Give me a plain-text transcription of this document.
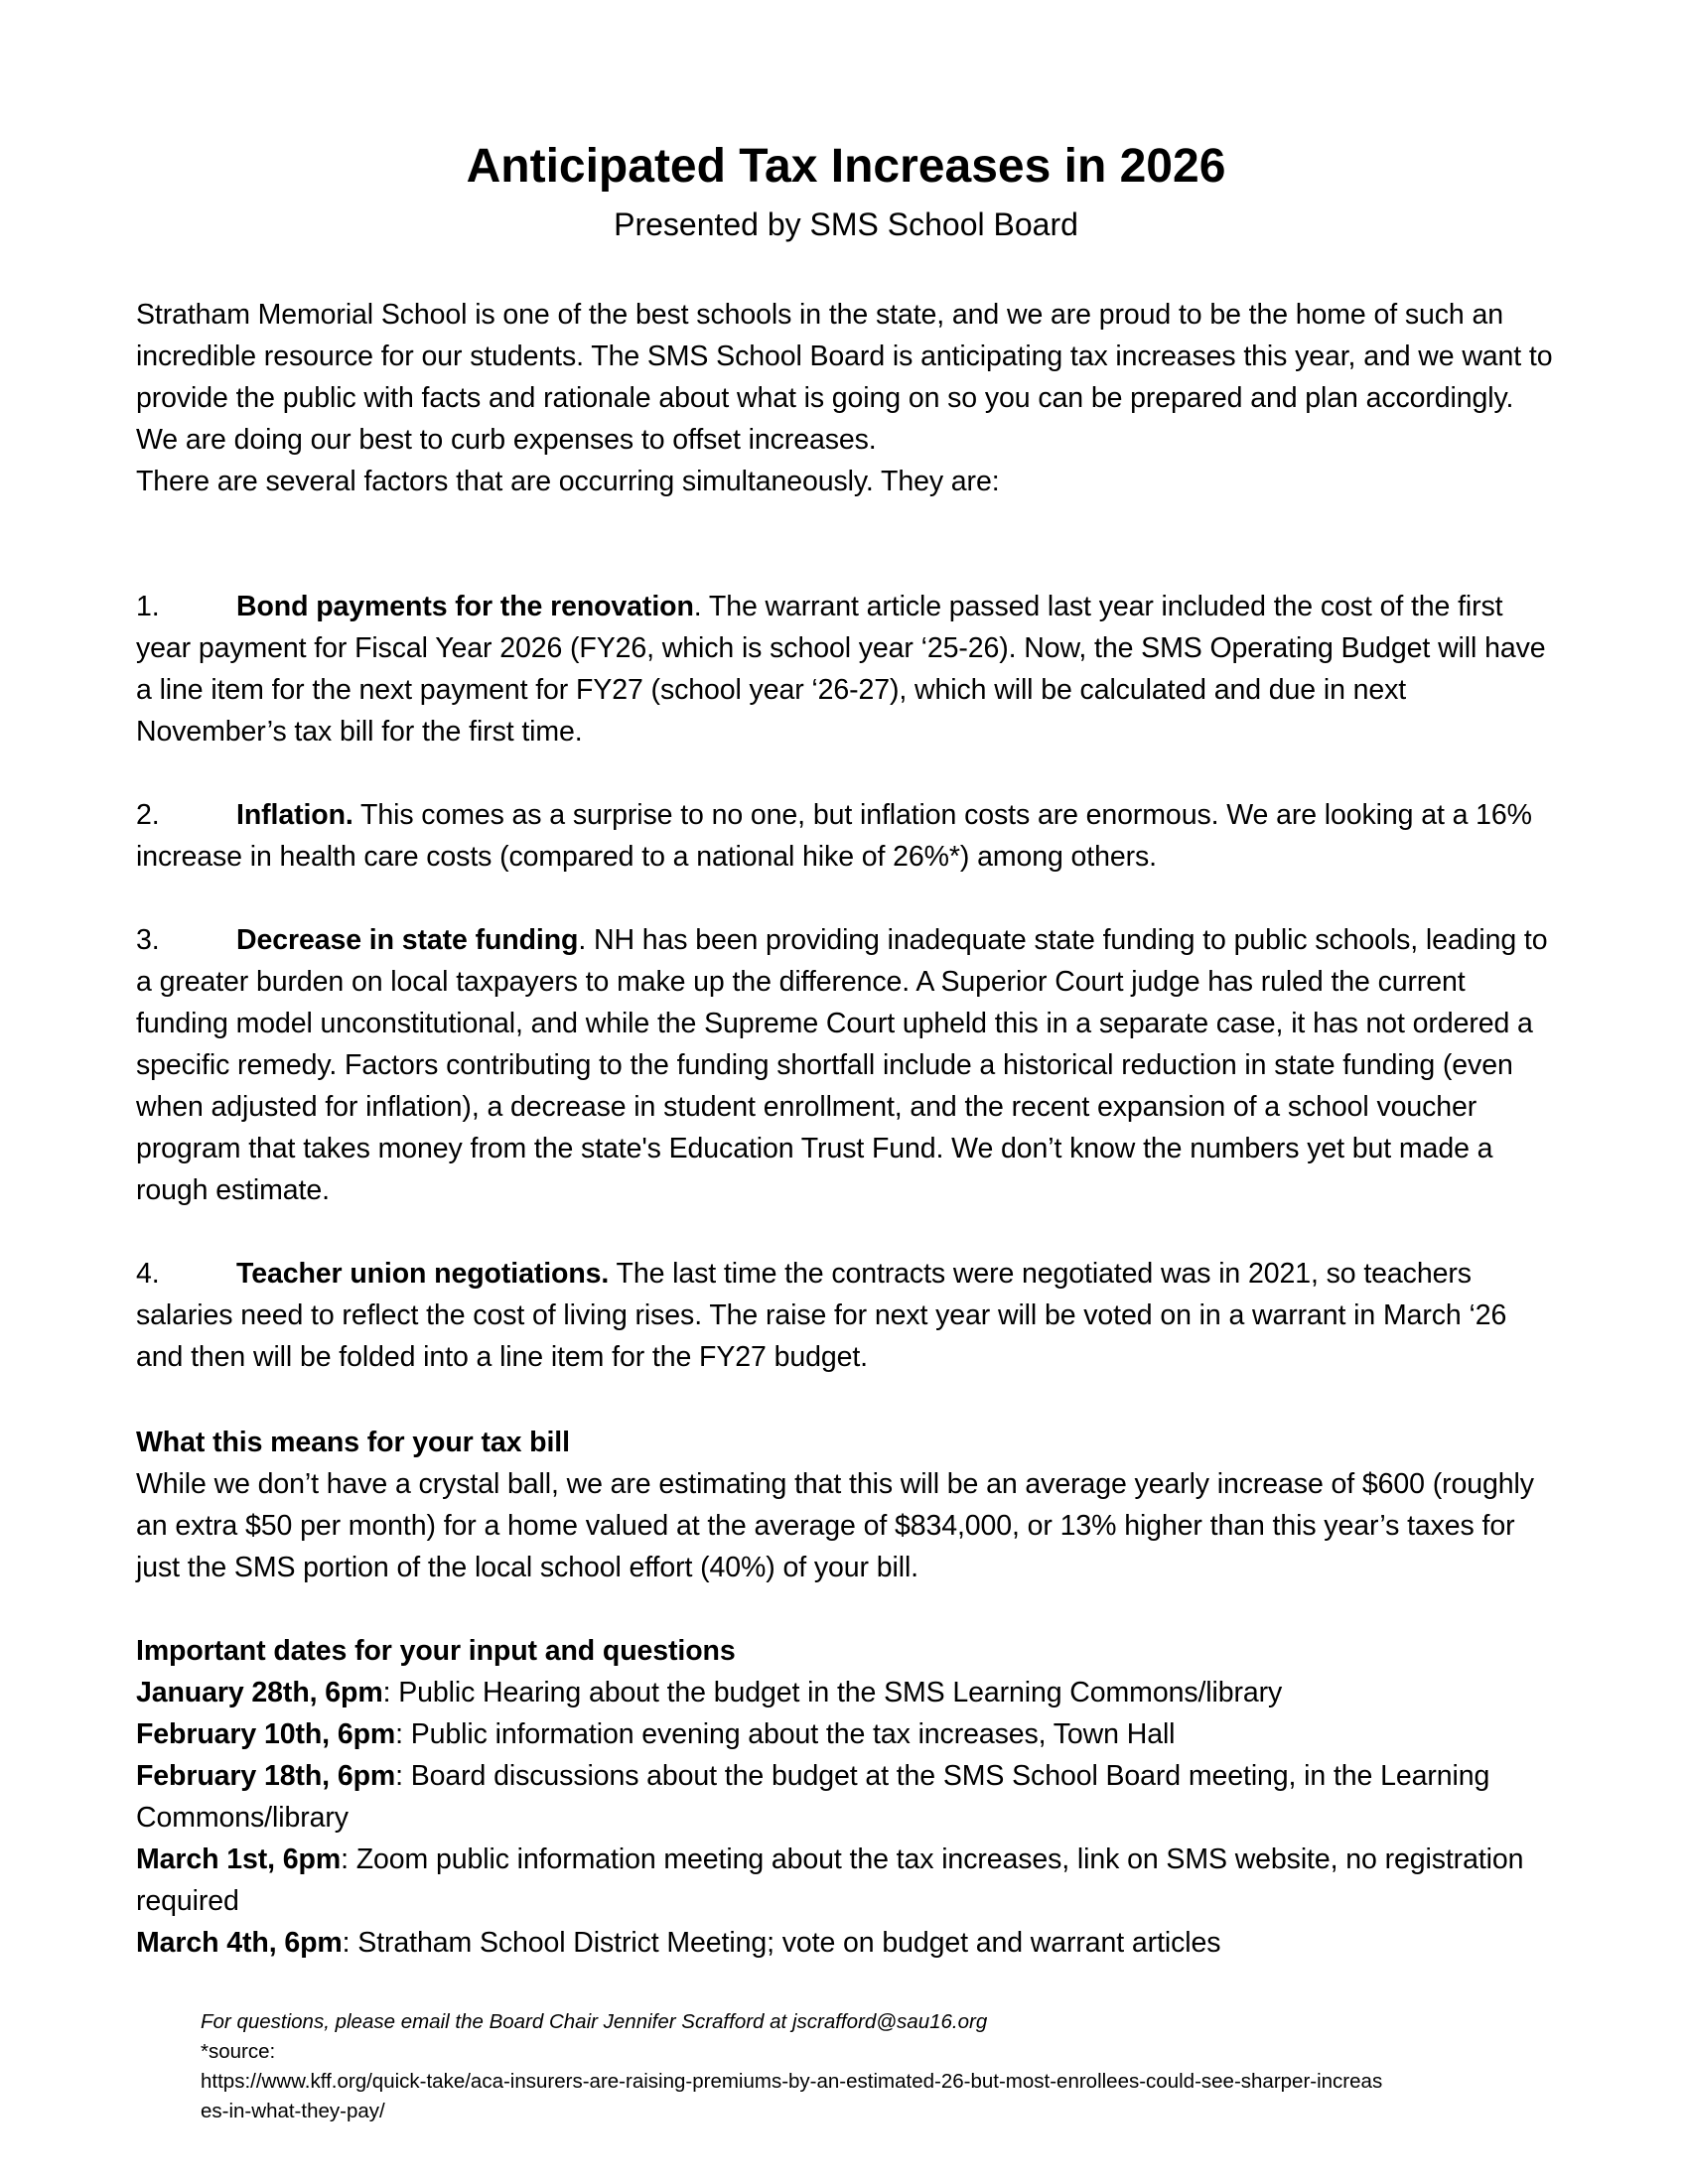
Anticipated Tax Increases in 2026
Presented by SMS School Board

Stratham Memorial School is one of the best schools in the state, and we are proud to be the home of such an incredible resource for our students. The SMS School Board is anticipating tax increases this year, and we want to provide the public with facts and rationale about what is going on so you can be prepared and plan accordingly. We are doing our best to curb expenses to offset increases.

There are several factors that are occurring simultaneously. They are:

1.	Bond payments for the renovation. The warrant article passed last year included the cost of the first year payment for Fiscal Year 2026 (FY26, which is school year ‘25-26). Now, the SMS Operating Budget will have a line item for the next payment for FY27 (school year ‘26-27), which will be calculated and due in next November’s tax bill for the first time.

2.	Inflation. This comes as a surprise to no one, but inflation costs are enormous. We are looking at a 16% increase in health care costs (compared to a national hike of 26%*) among others.

3.	Decrease in state funding. NH has been providing inadequate state funding to public schools, leading to a greater burden on local taxpayers to make up the difference. A Superior Court judge has ruled the current funding model unconstitutional, and while the Supreme Court upheld this in a separate case, it has not ordered a specific remedy. Factors contributing to the funding shortfall include a historical reduction in state funding (even when adjusted for inflation), a decrease in student enrollment, and the recent expansion of a school voucher program that takes money from the state's Education Trust Fund. We don’t know the numbers yet but made a rough estimate.

4.	Teacher union negotiations. The last time the contracts were negotiated was in 2021, so teachers salaries need to reflect the cost of living rises. The raise for next year will be voted on in a warrant in March ‘26 and then will be folded into a line item for the FY27 budget.

What this means for your tax bill

While we don’t have a crystal ball, we are estimating that this will be an average yearly increase of $600 (roughly an extra $50 per month) for a home valued at the average of $834,000, or 13% higher than this year’s taxes for just the SMS portion of the local school effort (40%) of your bill.

Important dates for your input and questions

January 28th, 6pm: Public Hearing about the budget in the SMS Learning Commons/library

February 10th, 6pm: Public information evening about the tax increases, Town Hall

February 18th, 6pm: Board discussions about the budget at the SMS School Board meeting, in the Learning Commons/library

March 1st, 6pm: Zoom public information meeting about the tax increases, link on SMS website, no registration required

March 4th, 6pm: Stratham School District Meeting; vote on budget and warrant articles

For questions, please email the Board Chair Jennifer Scrafford at jscrafford@sau16.org
*source:
https://www.kff.org/quick-take/aca-insurers-are-raising-premiums-by-an-estimated-26-but-most-enrollees-could-see-sharper-increas
es-in-what-they-pay/
